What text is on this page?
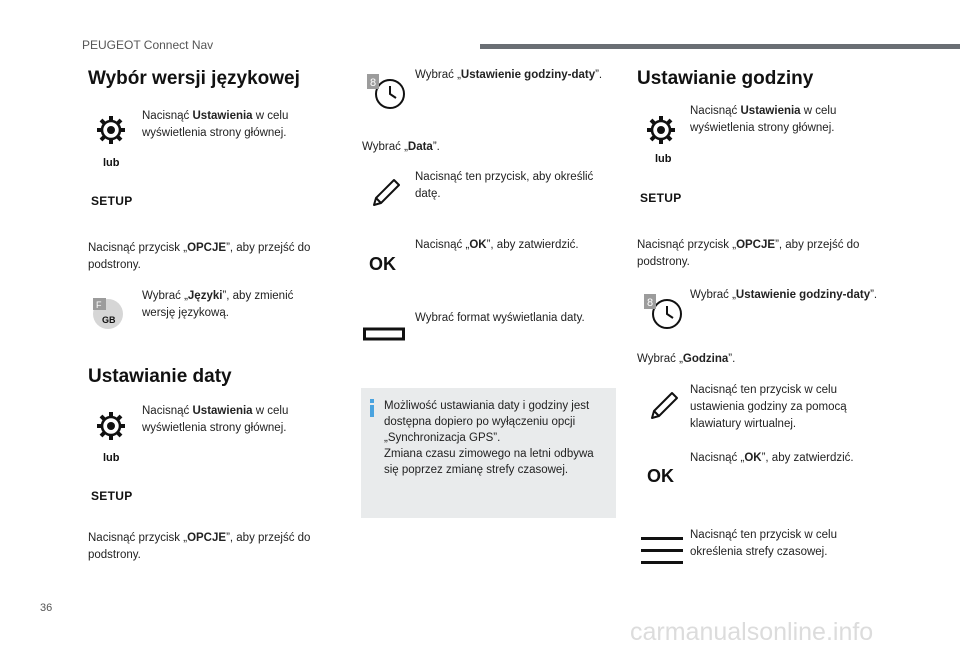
PEUGEOT Connect Nav
Wybór wersji językowej
Nacisnąć Ustawienia w celu wyświetlenia strony głównej.
lub
SETUP
Nacisnąć przycisk „OPCJE”, aby przejść do podstrony.
F
GB
Wybrać „Języki”, aby zmienić wersję językową.
Ustawianie daty
Nacisnąć Ustawienia w celu wyświetlenia strony głównej.
lub
SETUP
Nacisnąć przycisk „OPCJE”, aby przejść do podstrony.
8
Wybrać „Ustawienie godziny-daty”.
Wybrać „Data”.
Nacisnąć ten przycisk, aby określić datę.
OK
Nacisnąć „OK”, aby zatwierdzić.
Wybrać format wyświetlania daty.
Możliwość ustawiania daty i godziny jest dostępna dopiero po wyłączeniu opcji „Synchronizacja GPS”.
Zmiana czasu zimowego na letni odbywa się poprzez zmianę strefy czasowej.
Ustawianie godziny
Nacisnąć Ustawienia w celu wyświetlenia strony głównej.
lub
SETUP
Nacisnąć przycisk „OPCJE”, aby przejść do podstrony.
8
Wybrać „Ustawienie godziny-daty”.
Wybrać „Godzina”.
Nacisnąć ten przycisk w celu ustawienia godziny za pomocą klawiatury wirtualnej.
OK
Nacisnąć „OK”, aby zatwierdzić.
Nacisnąć ten przycisk w celu określenia strefy czasowej.
36
carmanualsonline.info
